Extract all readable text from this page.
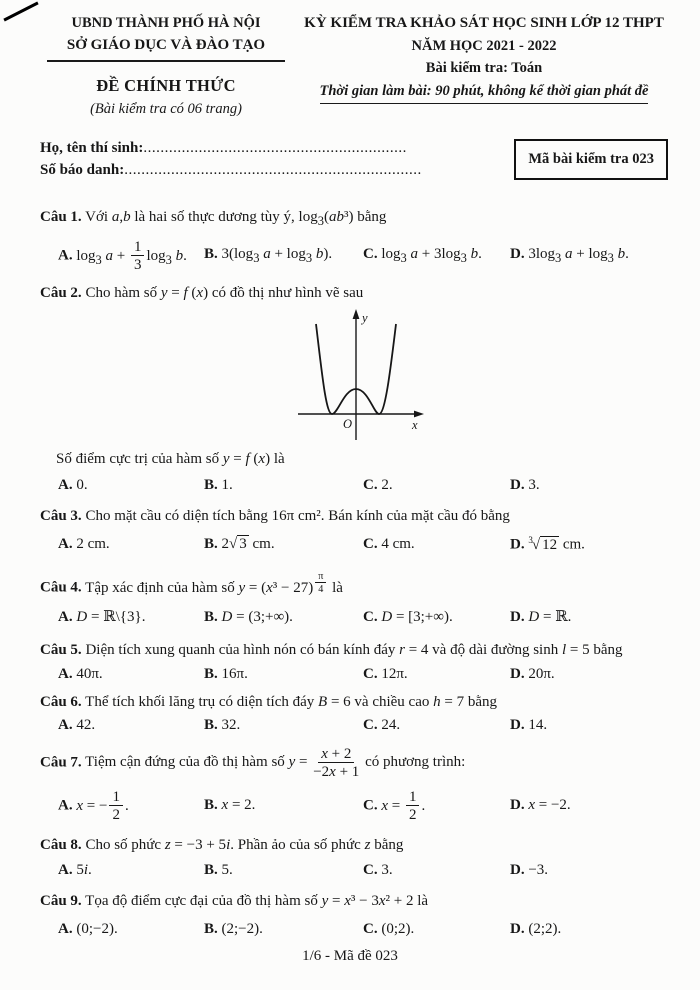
UBND THÀNH PHỐ HÀ NỘI
SỞ GIÁO DỤC VÀ ĐÀO TẠO
ĐỀ CHÍNH THỨC
(Bài kiểm tra có 06 trang)
KỲ KIỂM TRA KHẢO SÁT HỌC SINH LỚP 12 THPT
NĂM HỌC 2021 - 2022
Bài kiểm tra: Toán
Thời gian làm bài: 90 phút, không kể thời gian phát đề
Họ, tên thí sinh:..............................................................
Số báo danh:......................................................................
Mã bài kiểm tra 023
Câu 1. Với a,b là hai số thực dương tùy ý, $\log_3(ab^3)$ bằng
A. $\log_3 a + \frac{1}{3} \log_3 b$.	B. $3(\log_3$ $a + \log_3 b$).	C. $\log_3 a + 3\log_3$ b.	D. $3\log_3$ $a + \log_3 b$.
Câu 2. Cho hàm số y = f (x) có đồ thị như hình vẽ sau
y
x
O
Số điểm cực trị của hàm số y = f (x) là
A. 0.	B. 1.	C. 2.	D. 3.
Câu 3. Cho mặt cầu có diện tích bằng 16π cm². Bán kính của mặt cầu đó bằng
A. 2 cm.	B. 2√ 3 cm.	C. 4 cm.	D. $^3$√ 12 cm.
Câu 4. Tập xác định của hàm số y = (x³ − 27) $^{\frac{\pi}{4}}$ là
A. D = ℝ\{3}.	B. D = (3;+∞).	C. D = [3;+∞).	D. D = ℝ.
Câu 5. Diện tích xung quanh của hình nón có bán kính đáy r = 4 và độ dài đường sinh l = 5 bằng
A. 40π.	B. 16π.	C. 12π.	D. 20π.
Câu 6. Thể tích khối lăng trụ có diện tích đáy B = 6 và chiều cao h = 7 bằng
A. 42.	B. 32.	C. 24.	D. 14.
Câu 7. Tiệm cận đứng của đồ thị hàm số $y = \frac{x + 2}{-2x + 1}$ có phương trình:
A. x = − $\frac{1}{2}$ .	B. x = 2.	C. $x = \frac{1}{2}$ .	D. x = −2.
Câu 8. Cho số phức z = −3 + 5i. Phần ảo của số phức z bằng
A. 5i.	B. 5.	C. 3.	D. −3.
Câu 9. Tọa độ điểm cực đại của đồ thị hàm số y = x³ − 3x² + 2 là
A. (0;−2).	B. (2;−2).	C. (0;2).	D. (2;2).
1/6 - Mã đề 023
